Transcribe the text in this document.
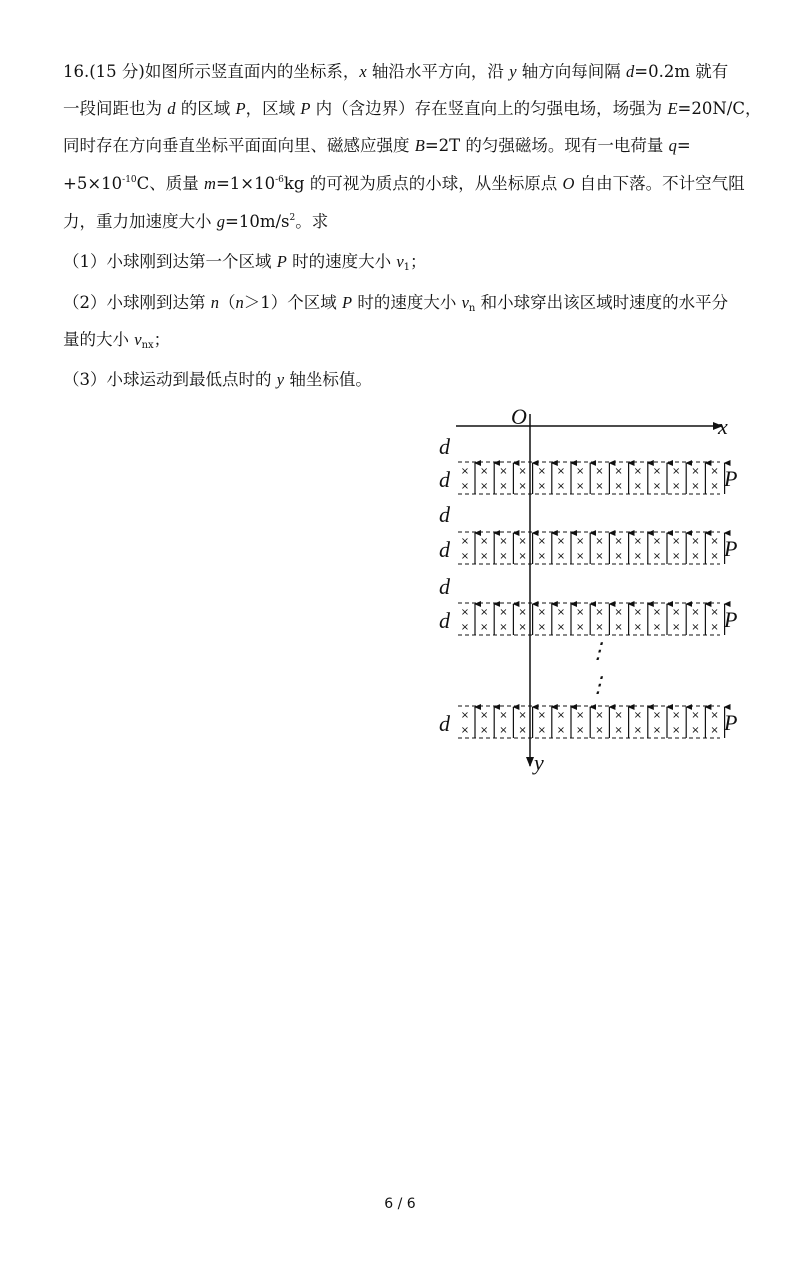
16.(15 分)如图所示竖直面内的坐标系，x 轴沿水平方向，沿 y 轴方向每间隔 d=0.2m 就有
一段间距也为 d 的区域 P，区域 P 内（含边界）存在竖直向上的匀强电场，场强为 E=20N/C，
同时存在方向垂直坐标平面面向里、磁感应强度 B=2T 的匀强磁场。现有一电荷量 q=
$+5\times 10^{-10}C$、质量 $m=1\times 10^{-6}kg$ 的可视为质点的小球，从坐标原点 O 自由下落。不计空气阻
力，重力加速度大小 $g=10m/s^2$。求
（1）小球刚到达第一个区域 P 时的速度大小 $v_1$；
（2）小球刚到达第 n（n＞1）个区域 P 时的速度大小 $v_n$ 和小球穿出该区域时速度的水平分
量的大小 $v_{nx}$；
（3）小球运动到最低点时的 y 轴坐标值。
O	x
y
d
d
d
×
×
×
×
×
×
×
×
×
×
×
×
×
×
×
×
×
×
×
×
×
×
×
×
×
×
×
×
d	P
×
×
×
×
×
×
×
×
×
×
×
×
×
×
×
×
×
×
×
×
×
×
×
×
×
×
×
×
d	P
×
×
×
×
×
×
×
×
×
×
×
×
×
×
×
×
×
×
×
×
×
×
×
×
×
×
×
×
d	P
×
×
×
×
×
×
×
×
×
×
×
×
×
×
×
×
×
×
×
×
×
×
×
×
×
×
×
×
d	P
⋮
⋮
6 / 6
